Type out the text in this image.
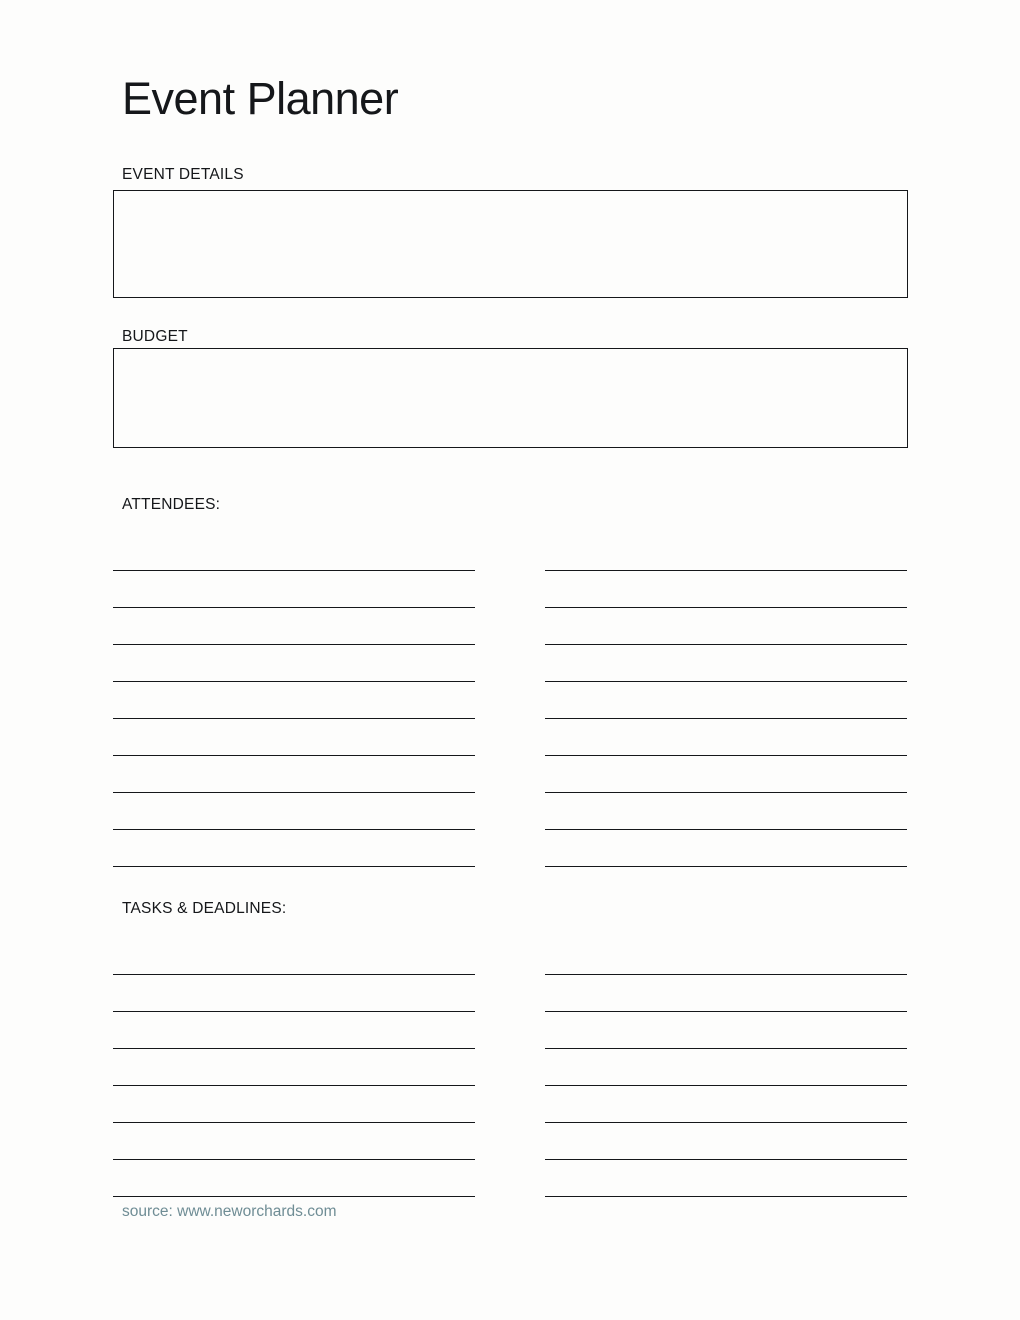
Event Planner
EVENT DETAILS
BUDGET
ATTENDEES:
TASKS & DEADLINES:
source: www.neworchards.com
